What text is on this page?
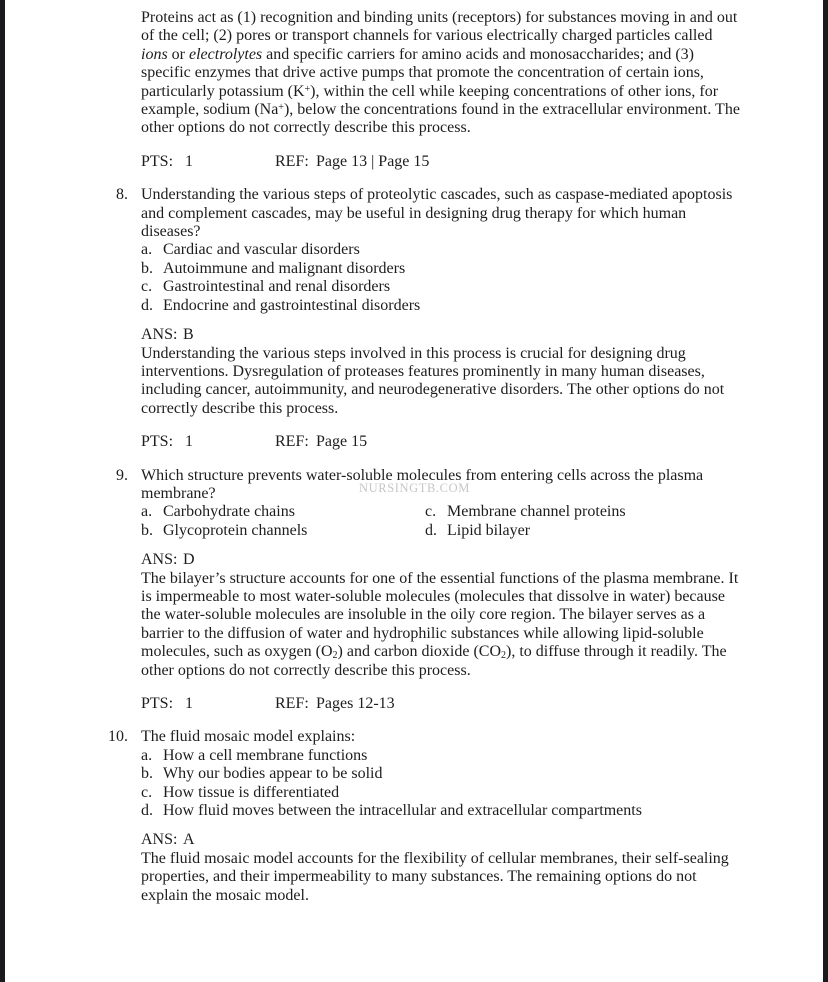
NURSINGTB.COM
Proteins act as (1) recognition and binding units (receptors) for substances moving in and out of the cell; (2) pores or transport channels for various electrically charged particles called ions or electrolytes and specific carriers for amino acids and monosaccharides; and (3) specific enzymes that drive active pumps that promote the concentration of certain ions, particularly potassium (K+), within the cell while keeping concentrations of other ions, for example, sodium (Na+), below the concentrations found in the extracellular environment. The other options do not correctly describe this process.
PTS: 1	REF: Page 13 | Page 15
8. Understanding the various steps of proteolytic cascades, such as caspase-mediated apoptosis and complement cascades, may be useful in designing drug therapy for which human diseases?
a. Cardiac and vascular disorders
b. Autoimmune and malignant disorders
c. Gastrointestinal and renal disorders
d. Endocrine and gastrointestinal disorders
ANS: B
Understanding the various steps involved in this process is crucial for designing drug interventions. Dysregulation of proteases features prominently in many human diseases, including cancer, autoimmunity, and neurodegenerative disorders. The other options do not correctly describe this process.
PTS: 1	REF: Page 15
9. Which structure prevents water-soluble molecules from entering cells across the plasma membrane?
a. Carbohydrate chains	c. Membrane channel proteins
b. Glycoprotein channels	d. Lipid bilayer
ANS: D
The bilayer’s structure accounts for one of the essential functions of the plasma membrane. It is impermeable to most water-soluble molecules (molecules that dissolve in water) because the water-soluble molecules are insoluble in the oily core region. The bilayer serves as a barrier to the diffusion of water and hydrophilic substances while allowing lipid-soluble molecules, such as oxygen $(O_2)$ and carbon dioxide $(CO_2)$, to diffuse through it readily. The other options do not correctly describe this process.
PTS: 1	REF: Pages 12-13
10. The fluid mosaic model explains:
a. How a cell membrane functions
b. Why our bodies appear to be solid
c. How tissue is differentiated
d. How fluid moves between the intracellular and extracellular compartments
ANS: A
The fluid mosaic model accounts for the flexibility of cellular membranes, their self-sealing properties, and their impermeability to many substances. The remaining options do not explain the mosaic model.
